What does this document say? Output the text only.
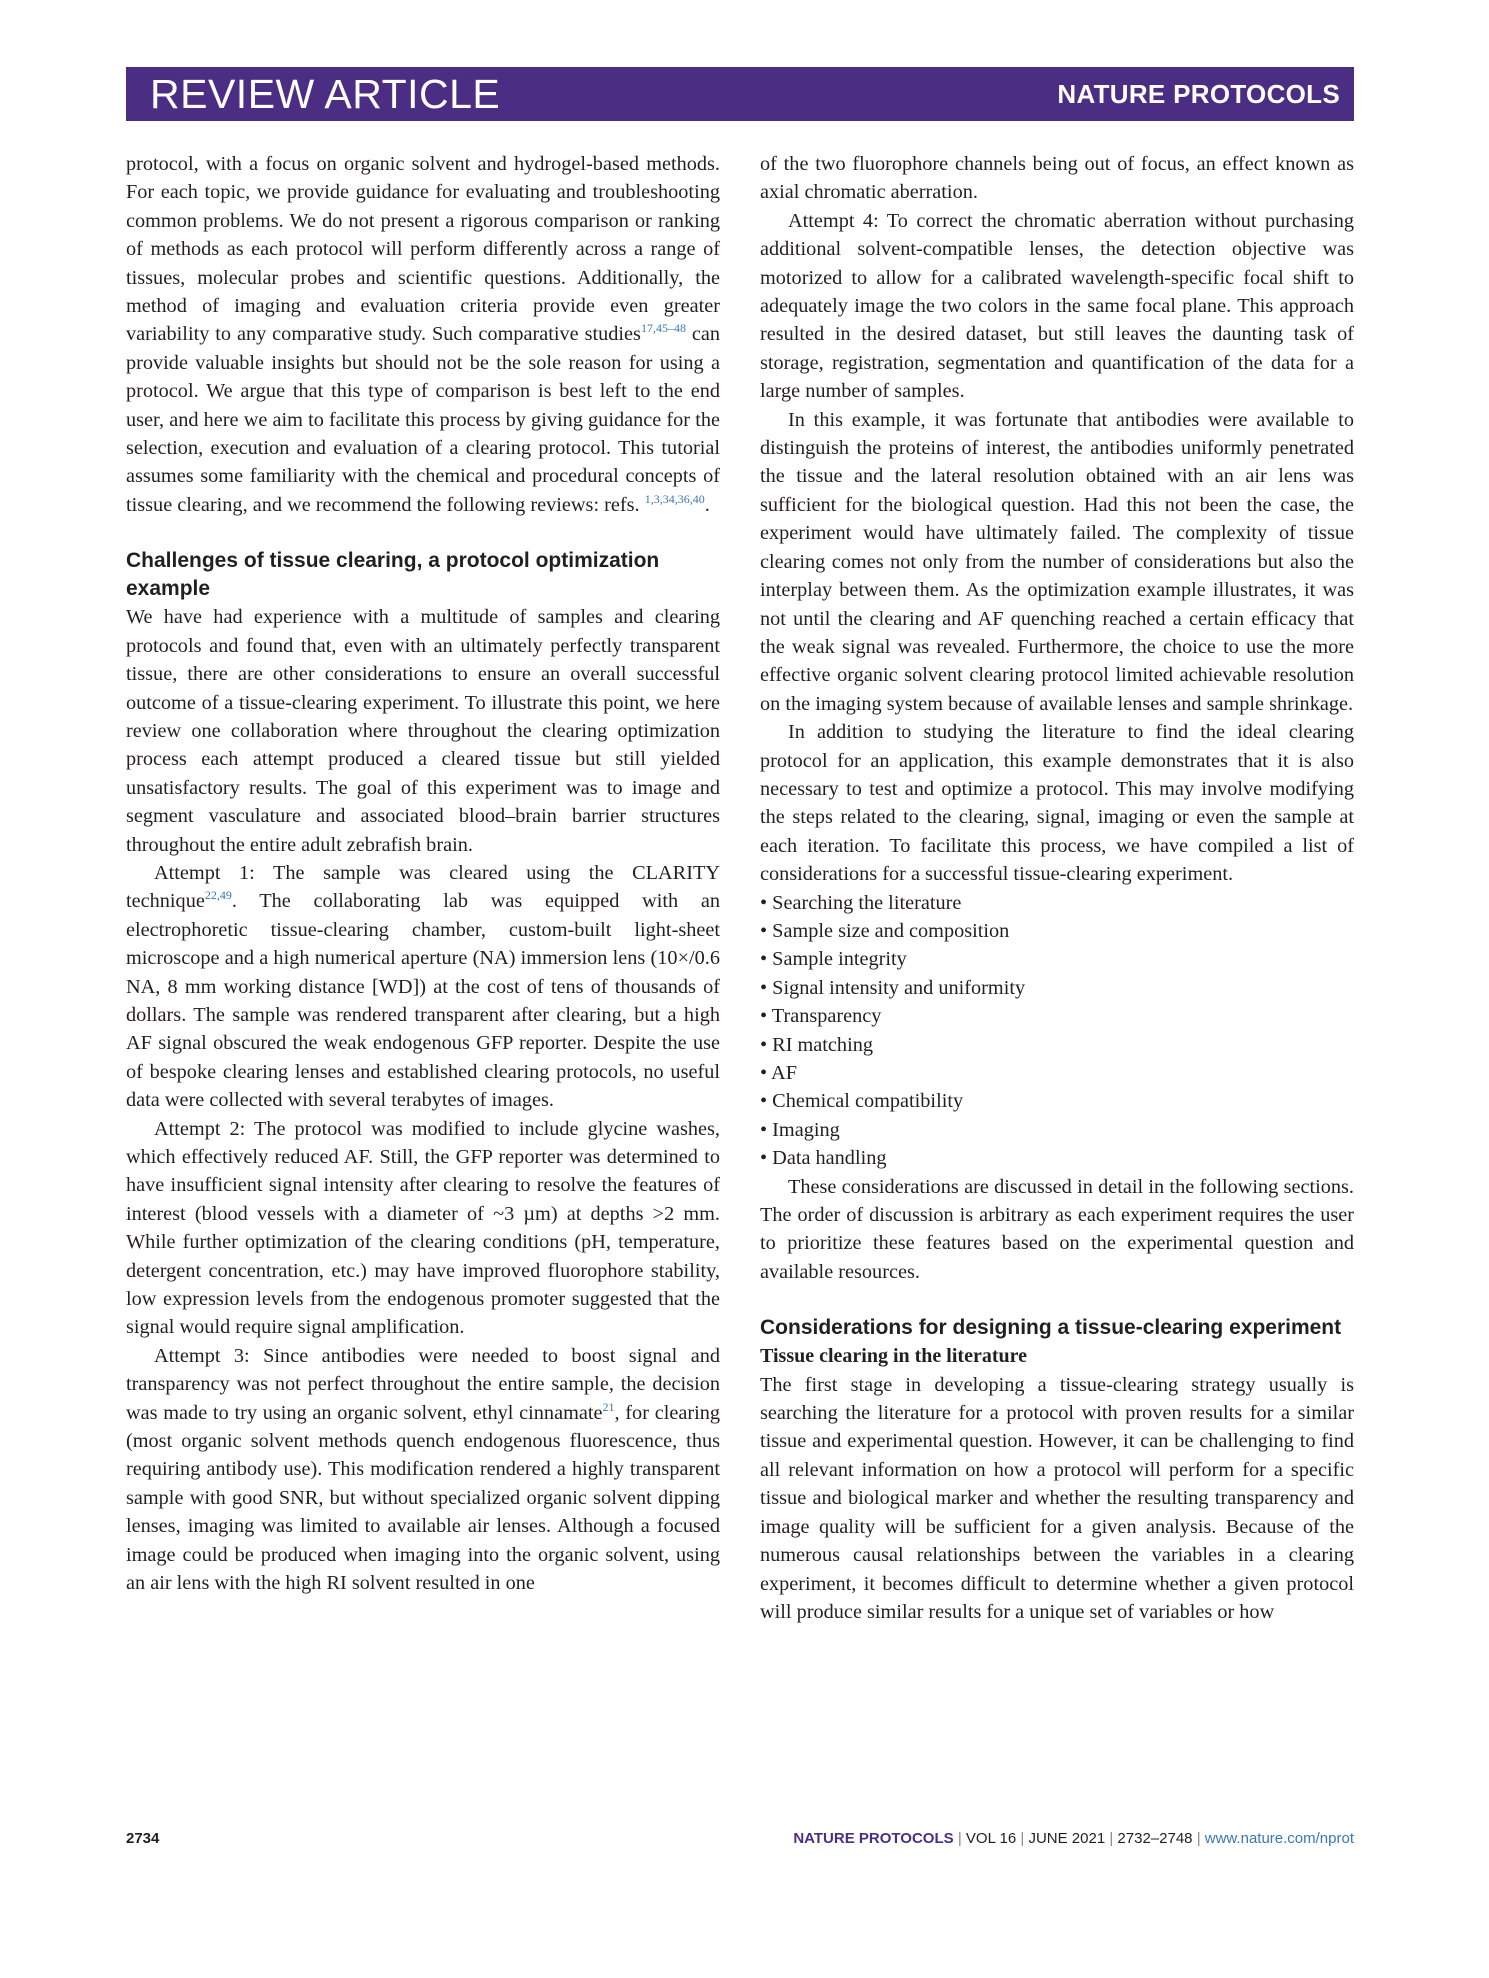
REVIEW ARTICLE	NATURE PROTOCOLS

protocol, with a focus on organic solvent and hydrogel-based methods. For each topic, we provide guidance for evaluating and troubleshooting common problems. We do not present a rigorous comparison or ranking of methods as each protocol will perform differently across a range of tissues, molecular probes and scientific questions. Additionally, the method of imaging and evaluation criteria provide even greater variability to any comparative study. Such comparative studies$^{17,45-48}$ can provide valuable insights but should not be the sole reason for using a protocol. We argue that this type of comparison is best left to the end user, and here we aim to facilitate this process by giving guidance for the selection, execution and evaluation of a clearing protocol. This tutorial assumes some familiarity with the chemical and procedural concepts of tissue clearing, and we recommend the following reviews: refs. $^{1,3,34,36,40}$.

Challenges of tissue clearing, a protocol optimization example

We have had experience with a multitude of samples and clearing protocols and found that, even with an ultimately perfectly transparent tissue, there are other considerations to ensure an overall successful outcome of a tissue-clearing experiment. To illustrate this point, we here review one collaboration where throughout the clearing optimization process each attempt produced a cleared tissue but still yielded unsatisfactory results. The goal of this experiment was to image and segment vasculature and associated blood–brain barrier structures throughout the entire adult zebrafish brain.

Attempt 1: The sample was cleared using the CLARITY technique$^{22,49}$. The collaborating lab was equipped with an electrophoretic tissue-clearing chamber, custom-built light-sheet microscope and a high numerical aperture (NA) immersion lens (10×/0.6 NA, 8 mm working distance [WD]) at the cost of tens of thousands of dollars. The sample was rendered transparent after clearing, but a high AF signal obscured the weak endogenous GFP reporter. Despite the use of bespoke clearing lenses and established clearing protocols, no useful data were collected with several terabytes of images.

Attempt 2: The protocol was modified to include glycine washes, which effectively reduced AF. Still, the GFP reporter was determined to have insufficient signal intensity after clearing to resolve the features of interest (blood vessels with a diameter of ~3 µm) at depths >2 mm. While further optimization of the clearing conditions (pH, temperature, detergent concentration, etc.) may have improved fluorophore stability, low expression levels from the endogenous promoter suggested that the signal would require signal amplification.

Attempt 3: Since antibodies were needed to boost signal and transparency was not perfect throughout the entire sample, the decision was made to try using an organic solvent, ethyl cinnamate$^{21}$, for clearing (most organic solvent methods quench endogenous fluorescence, thus requiring antibody use). This modification rendered a highly transparent sample with good SNR, but without specialized organic solvent dipping lenses, imaging was limited to available air lenses. Although a focused image could be produced when imaging into the organic solvent, using an air lens with the high RI solvent resulted in one

of the two fluorophore channels being out of focus, an effect known as axial chromatic aberration.

Attempt 4: To correct the chromatic aberration without purchasing additional solvent-compatible lenses, the detection objective was motorized to allow for a calibrated wavelength-specific focal shift to adequately image the two colors in the same focal plane. This approach resulted in the desired dataset, but still leaves the daunting task of storage, registration, segmentation and quantification of the data for a large number of samples.

In this example, it was fortunate that antibodies were available to distinguish the proteins of interest, the antibodies uniformly penetrated the tissue and the lateral resolution obtained with an air lens was sufficient for the biological question. Had this not been the case, the experiment would have ultimately failed. The complexity of tissue clearing comes not only from the number of considerations but also the interplay between them. As the optimization example illustrates, it was not until the clearing and AF quenching reached a certain efficacy that the weak signal was revealed. Furthermore, the choice to use the more effective organic solvent clearing protocol limited achievable resolution on the imaging system because of available lenses and sample shrinkage.

In addition to studying the literature to find the ideal clearing protocol for an application, this example demonstrates that it is also necessary to test and optimize a protocol. This may involve modifying the steps related to the clearing, signal, imaging or even the sample at each iteration. To facilitate this process, we have compiled a list of considerations for a successful tissue-clearing experiment.

• Searching the literature
• Sample size and composition
• Sample integrity
• Signal intensity and uniformity
• Transparency
• RI matching
• AF
• Chemical compatibility
• Imaging
• Data handling

These considerations are discussed in detail in the following sections. The order of discussion is arbitrary as each experiment requires the user to prioritize these features based on the experimental question and available resources.

Considerations for designing a tissue-clearing experiment
Tissue clearing in the literature

The first stage in developing a tissue-clearing strategy usually is searching the literature for a protocol with proven results for a similar tissue and experimental question. However, it can be challenging to find all relevant information on how a protocol will perform for a specific tissue and biological marker and whether the resulting transparency and image quality will be sufficient for a given analysis. Because of the numerous causal relationships between the variables in a clearing experiment, it becomes difficult to determine whether a given protocol will produce similar results for a unique set of variables or how

2734	NATURE PROTOCOLS | VOL 16 | JUNE 2021 | 2732–2748 | www.nature.com/nprot
